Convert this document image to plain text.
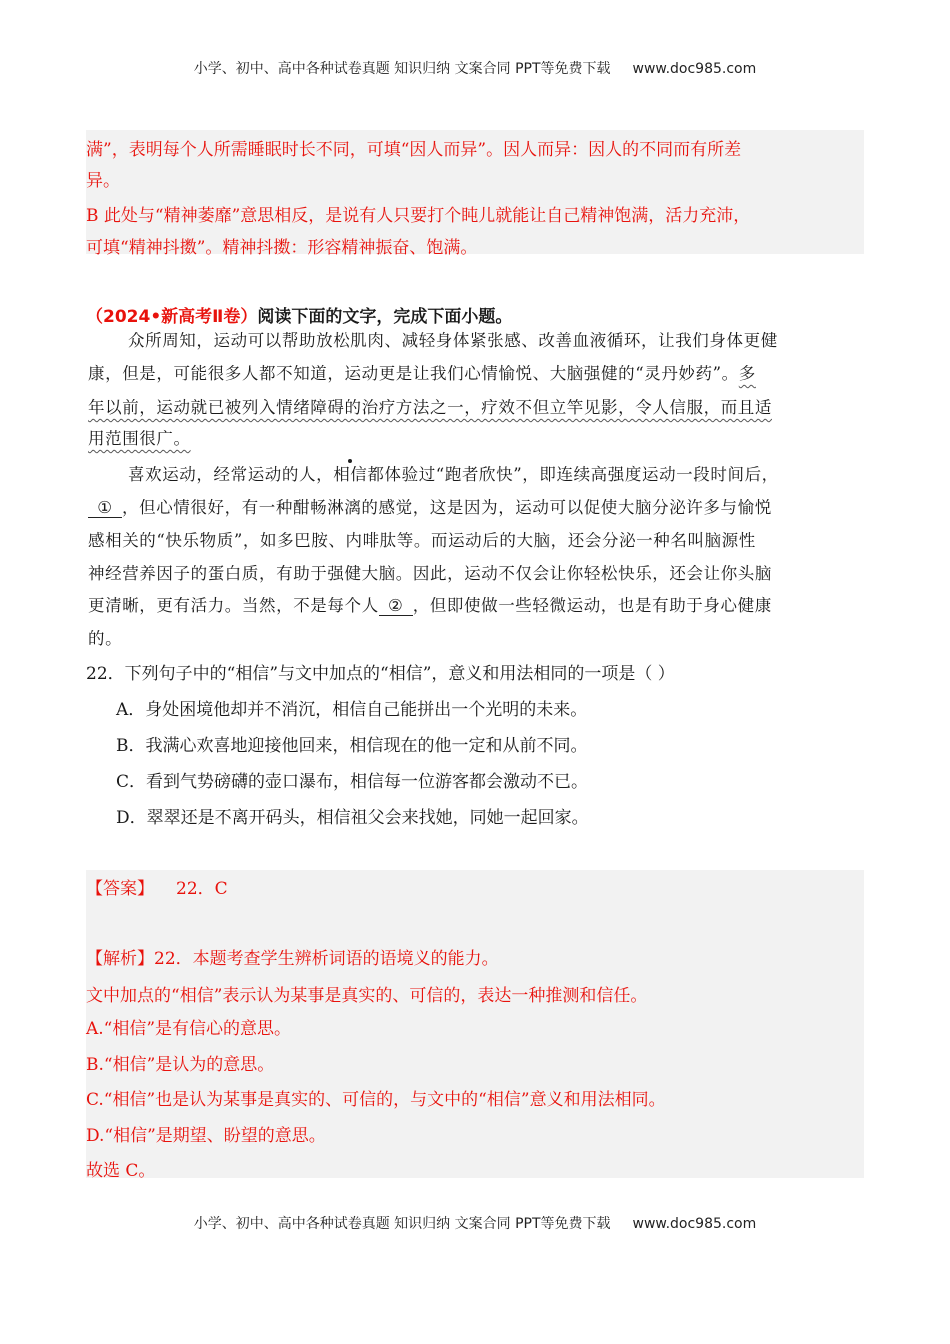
小学、初中、高中各种试卷真题 知识归纳 文案合同 PPT等免费下载 www.doc985.com
满”，表明每个人所需睡眠时长不同，可填“因人而异”。因人而异：因人的不同而有所差
异。
B 此处与“精神萎靡”意思相反，是说有人只要打个盹儿就能让自己精神饱满，活力充沛，
可填“精神抖擞”。精神抖擞：形容精神振奋、饱满。
（2024•新高考Ⅱ卷）阅读下面的文字，完成下面小题。
众所周知，运动可以帮助放松肌肉、减轻身体紧张感、改善血液循环，让我们身体更健
康，但是，可能很多人都不知道，运动更是让我们心情愉悦、大脑强健的“灵丹妙药”。多
年以前，运动就已被列入情绪障碍的治疗方法之一，疗效不但立竿见影，令人信服，而且适
用范围很广。
喜欢运动，经常运动的人，相信都体验过“跑者欣快”，即连续高强度运动一段时间后，
① ，但心情很好，有一种酣畅淋漓的感觉，这是因为，运动可以促使大脑分泌许多与愉悦
感相关的“快乐物质”，如多巴胺、内啡肽等。而运动后的大脑，还会分泌一种名叫脑源性
神经营养因子的蛋白质，有助于强健大脑。因此，运动不仅会让你轻松快乐，还会让你头脑
更清晰，更有活力。当然，不是每个人 ② ，但即使做一些轻微运动，也是有助于身心健康
的。
22．下列句子中的“相信”与文中加点的“相信”，意义和用法相同的一项是（ ）
A．身处困境他却并不消沉，相信自己能拼出一个光明的未来。
B．我满心欢喜地迎接他回来，相信现在的他一定和从前不同。
C．看到气势磅礴的壶口瀑布，相信每一位游客都会激动不已。
D．翠翠还是不离开码头，相信祖父会来找她，同她一起回家。
【答案】 22．C
【解析】22．本题考查学生辨析词语的语境义的能力。
文中加点的“相信”表示认为某事是真实的、可信的，表达一种推测和信任。
A.“相信”是有信心的意思。
B.“相信”是认为的意思。
C.“相信”也是认为某事是真实的、可信的，与文中的“相信”意义和用法相同。
D.“相信”是期望、盼望的意思。
故选 C。
小学、初中、高中各种试卷真题 知识归纳 文案合同 PPT等免费下载 www.doc985.com
